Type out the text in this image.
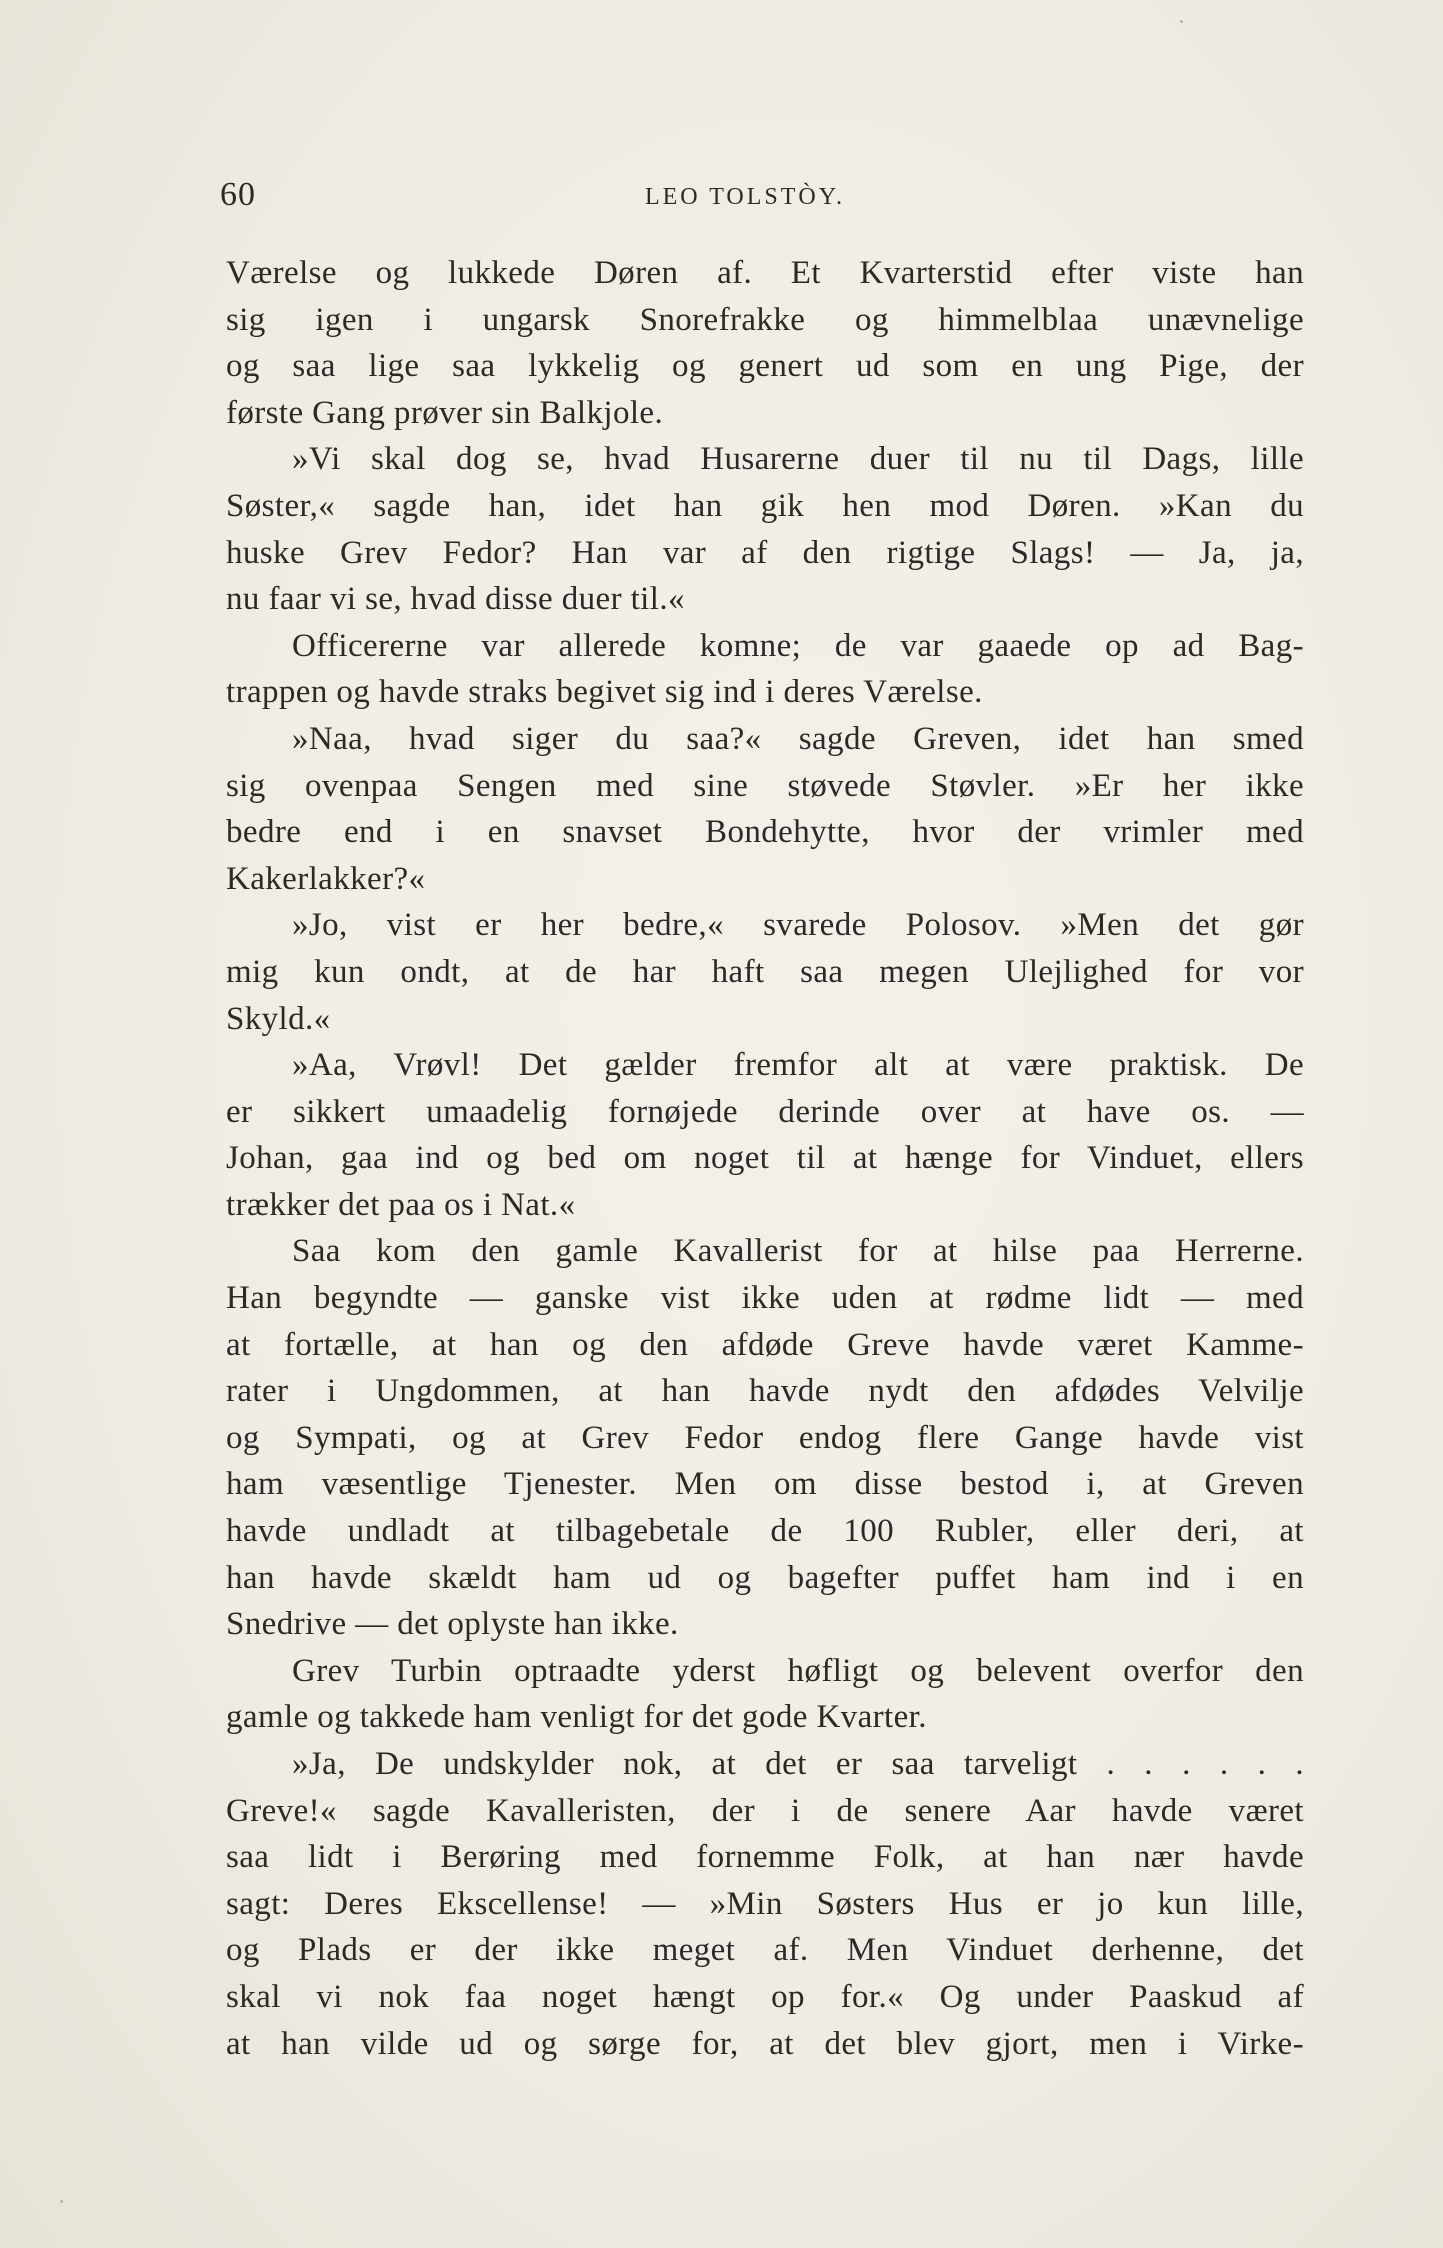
60	LEO TOLSTÒY.
Værelse og lukkede Døren af. Et Kvarterstid efter viste han
sig igen i ungarsk Snorefrakke og himmelblaa unævnelige
og saa lige saa lykkelig og genert ud som en ung Pige, der
første Gang prøver sin Balkjole.
»Vi skal dog se, hvad Husarerne duer til nu til Dags, lille
Søster,« sagde han, idet han gik hen mod Døren. »Kan du
huske Grev Fedor? Han var af den rigtige Slags! — Ja, ja,
nu faar vi se, hvad disse duer til.«
Officererne var allerede komne; de var gaaede op ad Bag-
trappen og havde straks begivet sig ind i deres Værelse.
»Naa, hvad siger du saa?« sagde Greven, idet han smed
sig ovenpaa Sengen med sine støvede Støvler. »Er her ikke
bedre end i en snavset Bondehytte, hvor der vrimler med
Kakerlakker?«
»Jo, vist er her bedre,« svarede Polosov. »Men det gør
mig kun ondt, at de har haft saa megen Ulejlighed for vor
Skyld.«
»Aa, Vrøvl! Det gælder fremfor alt at være praktisk. De
er sikkert umaadelig fornøjede derinde over at have os. —
Johan, gaa ind og bed om noget til at hænge for Vinduet, ellers
trækker det paa os i Nat.«
Saa kom den gamle Kavallerist for at hilse paa Herrerne.
Han begyndte — ganske vist ikke uden at rødme lidt — med
at fortælle, at han og den afdøde Greve havde været Kamme-
rater i Ungdommen, at han havde nydt den afdødes Velvilje
og Sympati, og at Grev Fedor endog flere Gange havde vist
ham væsentlige Tjenester. Men om disse bestod i, at Greven
havde undladt at tilbagebetale de 100 Rubler, eller deri, at
han havde skældt ham ud og bagefter puffet ham ind i en
Snedrive — det oplyste han ikke.
Grev Turbin optraadte yderst høfligt og belevent overfor den
gamle og takkede ham venligt for det gode Kvarter.
»Ja, De undskylder nok, at det er saa tarveligt . . . . . .
Greve!« sagde Kavalleristen, der i de senere Aar havde været
saa lidt i Berøring med fornemme Folk, at han nær havde
sagt: Deres Ekscellense! — »Min Søsters Hus er jo kun lille,
og Plads er der ikke meget af. Men Vinduet derhenne, det
skal vi nok faa noget hængt op for.« Og under Paaskud af
at han vilde ud og sørge for, at det blev gjort, men i Virke-
